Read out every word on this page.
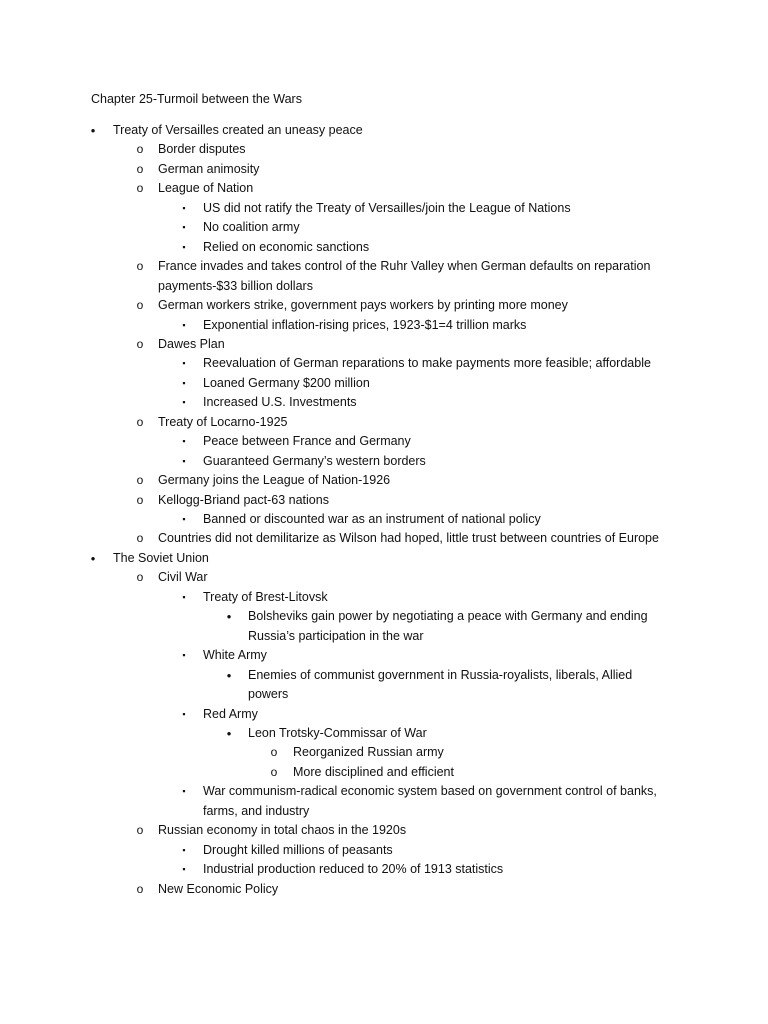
Chapter 25-Turmoil between the Wars
•	Treaty of Versailles created an uneasy peace
o Border disputes
o German animosity
o League of Nation
▪	US did not ratify the Treaty of Versailles/join the League of Nations
▪	No coalition army
▪	Relied on economic sanctions
o France invades and takes control of the Ruhr Valley when German defaults on reparation
payments-$33 billion dollars
o German workers strike, government pays workers by printing more money
▪	Exponential inflation-rising prices, 1923-$1=4 trillion marks
o Dawes Plan
▪	Reevaluation of German reparations to make payments more feasible; affordable
▪	Loaned Germany $200 million
▪	Increased U.S. Investments
o Treaty of Locarno-1925
▪	Peace between France and Germany
▪	Guaranteed Germany’s western borders
o Germany joins the League of Nation-1926
o Kellogg-Briand pact-63 nations
▪	Banned or discounted war as an instrument of national policy
o Countries did not demilitarize as Wilson had hoped, little trust between countries of Europe
•	The Soviet Union
o Civil War
▪	Treaty of Brest-Litovsk
•	Bolsheviks gain power by negotiating a peace with Germany and ending
Russia’s participation in the war
▪	White Army
•	Enemies of communist government in Russia-royalists, liberals, Allied
powers
▪	Red Army
•	Leon Trotsky-Commissar of War
o Reorganized Russian army
o More disciplined and efficient
▪	War communism-radical economic system based on government control of banks,
farms, and industry
o Russian economy in total chaos in the 1920s
▪	Drought killed millions of peasants
▪	Industrial production reduced to 20% of 1913 statistics
o New Economic Policy
